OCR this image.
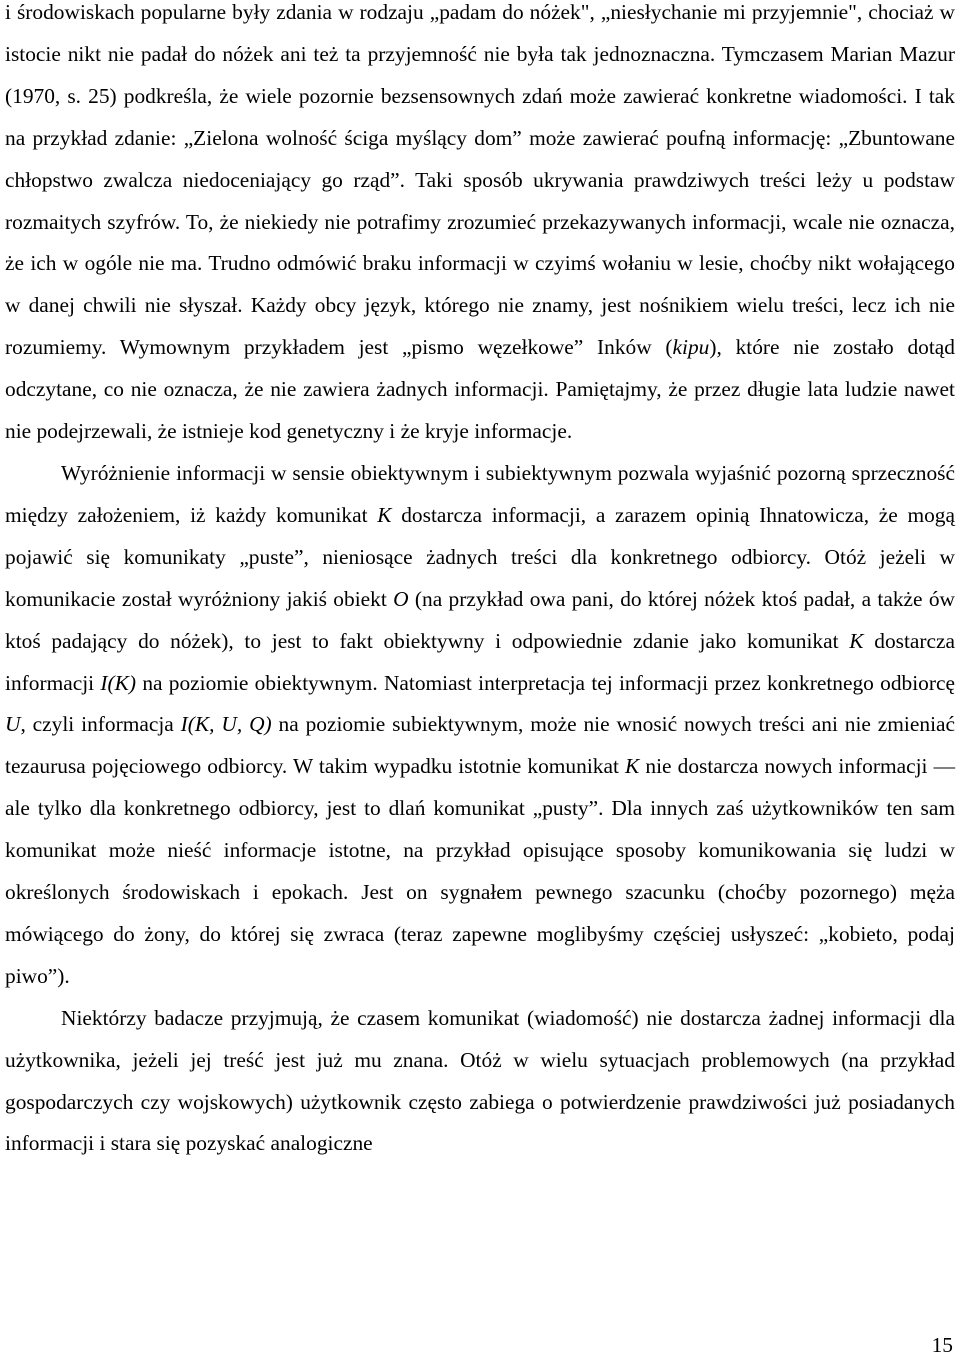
i środowiskach popularne były zdania w rodzaju „padam do nóżek", „niesłychanie mi przyjemnie", chociaż w istocie nikt nie padał do nóżek ani też ta przyjemność nie była tak jednoznaczna. Tymczasem Marian Mazur (1970, s. 25) podkreśla, że wiele pozornie bezsensownych zdań może zawierać konkretne wiadomości. I tak na przykład zdanie: „Zielona wolność ściga myślący dom” może zawierać poufną informację: „Zbuntowane chłopstwo zwalcza niedoceniający go rząd”. Taki sposób ukrywania prawdziwych treści leży u podstaw rozmaitych szyfrów. To, że niekiedy nie potrafimy zrozumieć przekazywanych informacji, wcale nie oznacza, że ich w ogóle nie ma. Trudno odmówić braku informacji w czyimś wołaniu w lesie, choćby nikt wołającego w danej chwili nie słyszał. Każdy obcy język, którego nie znamy, jest nośnikiem wielu treści, lecz ich nie rozumiemy. Wymownym przykładem jest „pismo węzełkowe” Inków (kipu), które nie zostało dotąd odczytane, co nie oznacza, że nie zawiera żadnych informacji. Pamiętajmy, że przez długie lata ludzie nawet nie podejrzewali, że istnieje kod genetyczny i że kryje informacje.

Wyróżnienie informacji w sensie obiektywnym i subiektywnym pozwala wyjaśnić pozorną sprzeczność między założeniem, iż każdy komunikat K dostarcza informacji, a zarazem opinią Ihnatowicza, że mogą pojawić się komunikaty „puste”, nieniosące żadnych treści dla konkretnego odbiorcy. Otóż jeżeli w komunikacie został wyróżniony jakiś obiekt O (na przykład owa pani, do której nóżek ktoś padał, a także ów ktoś padający do nóżek), to jest to fakt obiektywny i odpowiednie zdanie jako komunikat K dostarcza informacji I(K) na poziomie obiektywnym. Natomiast interpretacja tej informacji przez konkretnego odbiorcę U, czyli informacja I(K, U, Q) na poziomie subiektywnym, może nie wnosić nowych treści ani nie zmieniać tezaurusa pojęciowego odbiorcy. W takim wypadku istotnie komunikat K nie dostarcza nowych informacji — ale tylko dla konkretnego odbiorcy, jest to dlań komunikat „pusty”. Dla innych zaś użytkowników ten sam komunikat może nieść informacje istotne, na przykład opisujące sposoby komunikowania się ludzi w określonych środowiskach i epokach. Jest on sygnałem pewnego szacunku (choćby pozornego) męża mówiącego do żony, do której się zwraca (teraz zapewne moglibyśmy częściej usłyszeć: „kobieto, podaj piwo”).

Niektórzy badacze przyjmują, że czasem komunikat (wiadomość) nie dostarcza żadnej informacji dla użytkownika, jeżeli jej treść jest już mu znana. Otóż w wielu sytuacjach problemowych (na przykład gospodarczych czy wojskowych) użytkownik często zabiega o potwierdzenie prawdziwości już posiadanych informacji i stara się pozyskać analogiczne

15
